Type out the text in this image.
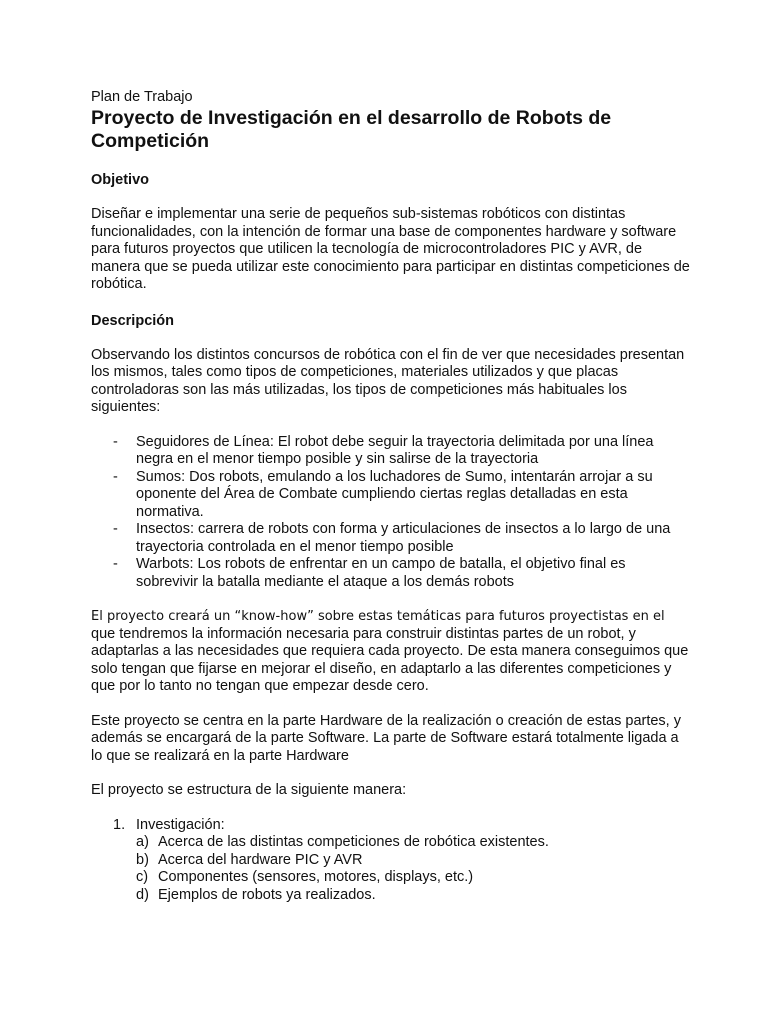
Plan de Trabajo

Proyecto de Investigación en el desarrollo de Robots de Competición
Objetivo

Diseñar e implementar una serie de pequeños sub-sistemas robóticos con distintas funcionalidades, con la intención de formar una base de componentes hardware y software para futuros proyectos que utilicen la tecnología de microcontroladores PIC y AVR, de manera que se pueda utilizar este conocimiento para participar en distintas competiciones de robótica.

Descripción

Observando los distintos concursos de robótica con el fin de ver que necesidades presentan los mismos, tales como tipos de competiciones, materiales utilizados y que placas controladoras son las más utilizadas, los tipos de competiciones más habituales los siguientes:

- Seguidores de Línea: El robot debe seguir la trayectoria delimitada por una línea negra en el menor tiempo posible y sin salirse de la trayectoria
- Sumos: Dos robots, emulando a los luchadores de Sumo, intentarán arrojar a su oponente del Área de Combate cumpliendo ciertas reglas detalladas en esta normativa.
- Insectos: carrera de robots con forma y articulaciones de insectos a lo largo de una trayectoria controlada en el menor tiempo posible
- Warbots: Los robots de enfrentar en un campo de batalla, el objetivo final es sobrevivir la batalla mediante el ataque a los demás robots

El proyecto creará un “know-how” sobre estas temáticas para futuros proyectistas en el que tendremos la información necesaria para construir distintas partes de un robot, y adaptarlas a las necesidades que requiera cada proyecto. De esta manera conseguimos que solo tengan que fijarse en mejorar el diseño, en adaptarlo a las diferentes competiciones y que por lo tanto no tengan que empezar desde cero.

Este proyecto se centra en la parte Hardware de la realización o creación de estas partes, y además se encargará de la parte Software. La parte de Software estará totalmente ligada a lo que se realizará en la parte Hardware

El proyecto se estructura de la siguiente manera:

1. Investigación:
a) Acerca de las distintas competiciones de robótica existentes.
b) Acerca del hardware PIC y AVR
c) Componentes (sensores, motores, displays, etc.)
d) Ejemplos de robots ya realizados.
